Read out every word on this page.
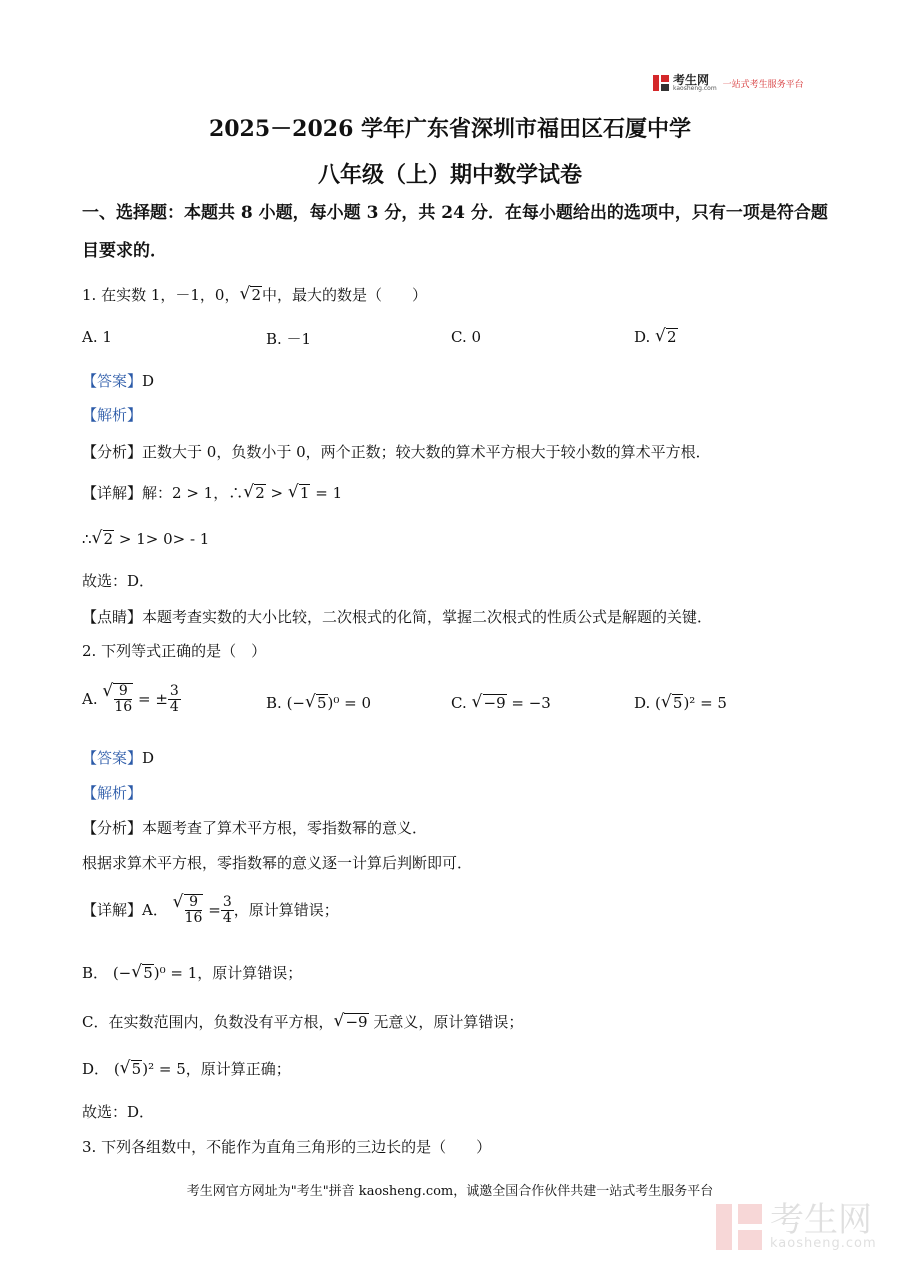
考生网
kaosheng.com 一站式考生服务平台
2025－2026 学年广东省深圳市福田区石厦中学
八年级（上）期中数学试卷
一、选择题：本题共 8 小题，每小题 3 分，共 24 分．在每小题给出的选项中，只有一项是符合题目要求的．
1. 在实数 1，－1，0， √ 2中，最大的数是（　　）
A. 1	B. －1	C. 0	D. √ 2
【答案】D
【解析】
【分析】正数大于 0，负数小于 0，两个正数；较大数的算术平方根大于较小数的算术平方根．
【详解】解：2 > 1，∴ √ 2 > √ 1 = 1
∴ √ 2 > 1> 0> - 1
故选：D．
【点睛】本题考查实数的大小比较，二次根式的化简，掌握二次根式的性质公式是解题的关键．
2. 下列等式正确的是（　）
A. √ $\frac{9}{16}$ = ± $\frac{3}{4}$	B. (− √ 5)⁰ = 0	C. √ −9 = −3	D. ( √ 5)² = 5
【答案】D
【解析】
【分析】本题考查了算术平方根，零指数幂的意义．
根据求算术平方根，零指数幂的意义逐一计算后判断即可．
【详解】A． √ $\frac{9}{16} = \frac{3}{4}$ ，原计算错误；
B． (− √ 5)⁰ = 1，原计算错误；
C．在实数范围内，负数没有平方根， √ −9 无意义，原计算错误；
D． ( √ 5)² = 5，原计算正确；
故选：D．
3. 下列各组数中，不能作为直角三角形的三边长的是（　　）
考生网官方网址为"考生"拼音 kaosheng.com，诚邀全国合作伙伴共建一站式考生服务平台
考生网
kaosheng.com
